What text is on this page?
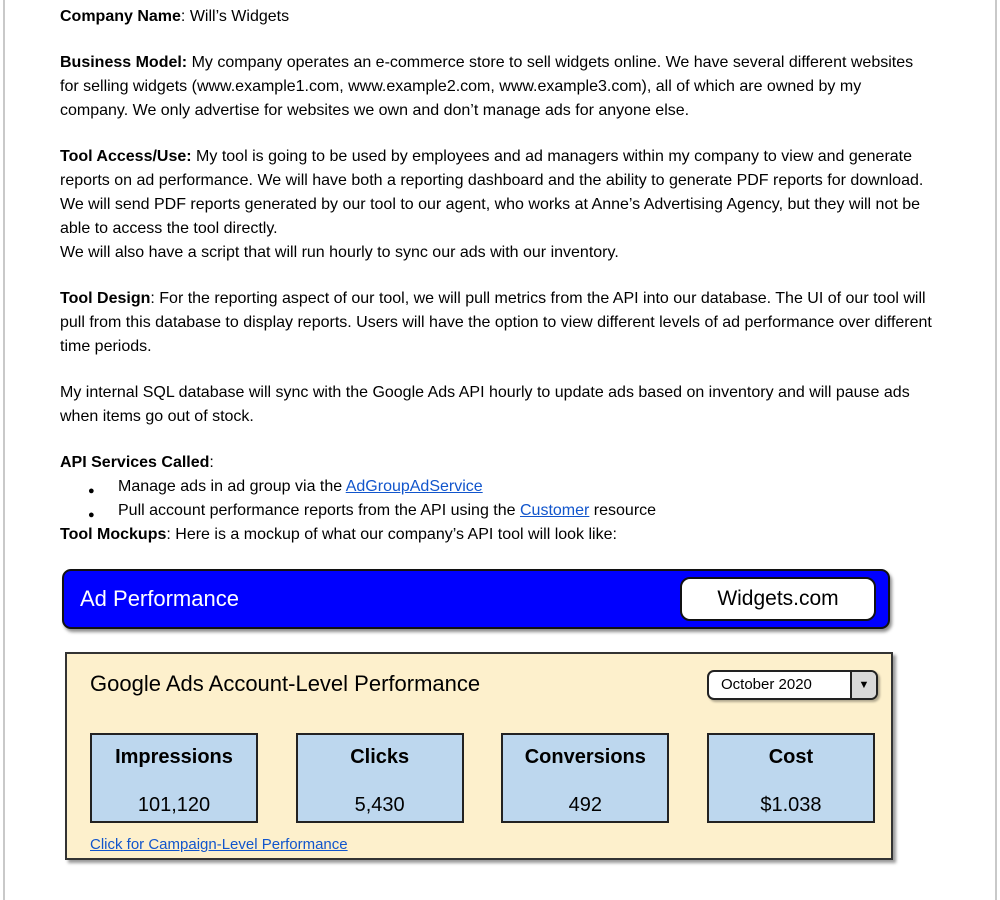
Company Name: Will’s Widgets

Business Model: My company operates an e-commerce store to sell widgets online. We have several different websites for selling widgets (www.example1.com, www.example2.com, www.example3.com), all of which are owned by my company. We only advertise for websites we own and don’t manage ads for anyone else.

Tool Access/Use: My tool is going to be used by employees and ad managers within my company to view and generate reports on ad performance. We will have both a reporting dashboard and the ability to generate PDF reports for download. We will send PDF reports generated by our tool to our agent, who works at Anne’s Advertising Agency, but they will not be able to access the tool directly.
We will also have a script that will run hourly to sync our ads with our inventory.

Tool Design: For the reporting aspect of our tool, we will pull metrics from the API into our database. The UI of our tool will pull from this database to display reports. Users will have the option to view different levels of ad performance over different time periods.

My internal SQL database will sync with the Google Ads API hourly to update ads based on inventory and will pause ads when items go out of stock.

API Services Called:

● Manage ads in ad group via the AdGroupAdService
● Pull account performance reports from the API using the Customer resource

Tool Mockups: Here is a mockup of what our company’s API tool will look like:

Ad Performance	Widgets.com
Google Ads Account-Level Performance	October 2020	▼
Impressions
101,120
Clicks
5,430
Conversions
492
Cost
$1.038
Click for Campaign-Level Performance
